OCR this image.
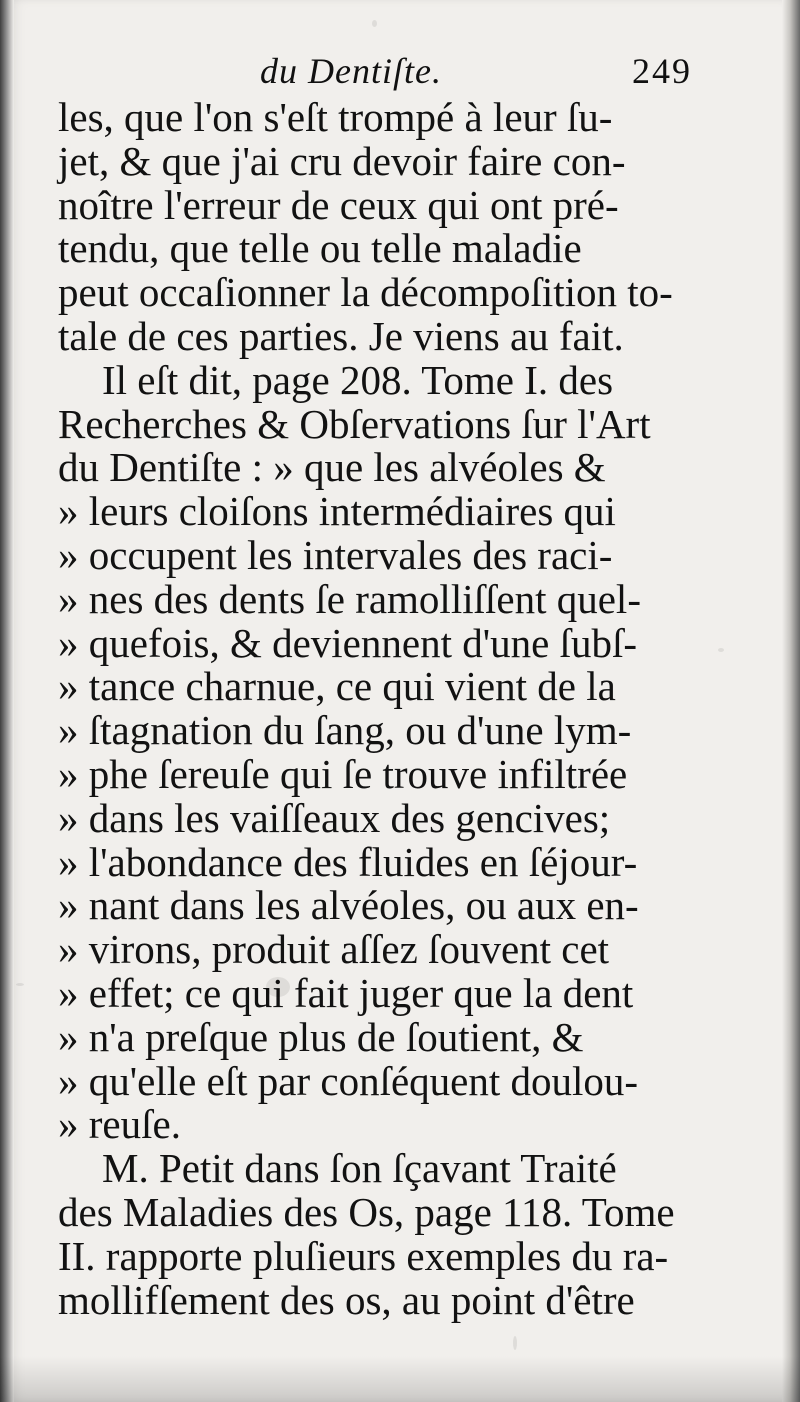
du Dentiſte.	249
les, que l'on s'eſt trompé à leur ſu-
jet, & que j'ai cru devoir faire con-
noître l'erreur de ceux qui ont pré-
tendu, que telle ou telle maladie
peut occaſionner la décompoſition to-
tale de ces parties. Je viens au fait.
Il eſt dit, page 208. Tome I. des
Recherches & Obſervations ſur l'Art
du Dentiſte : » que les alvéoles &
» leurs cloiſons intermédiaires qui
» occupent les intervales des raci-
» nes des dents ſe ramolliſſent quel-
» quefois, & deviennent d'une ſubſ-
» tance charnue, ce qui vient de la
» ſtagnation du ſang, ou d'une lym-
» phe ſereuſe qui ſe trouve infiltrée
» dans les vaiſſeaux des gencives;
» l'abondance des fluides en ſéjour-
» nant dans les alvéoles, ou aux en-
» virons, produit aſſez ſouvent cet
» effet; ce qui fait juger que la dent
» n'a preſque plus de ſoutient, &
» qu'elle eſt par conſéquent doulou-
» reuſe.
M. Petit dans ſon ſçavant Traité
des Maladies des Os, page 118. Tome
II. rapporte pluſieurs exemples du ra-
mollifſement des os, au point d'être
